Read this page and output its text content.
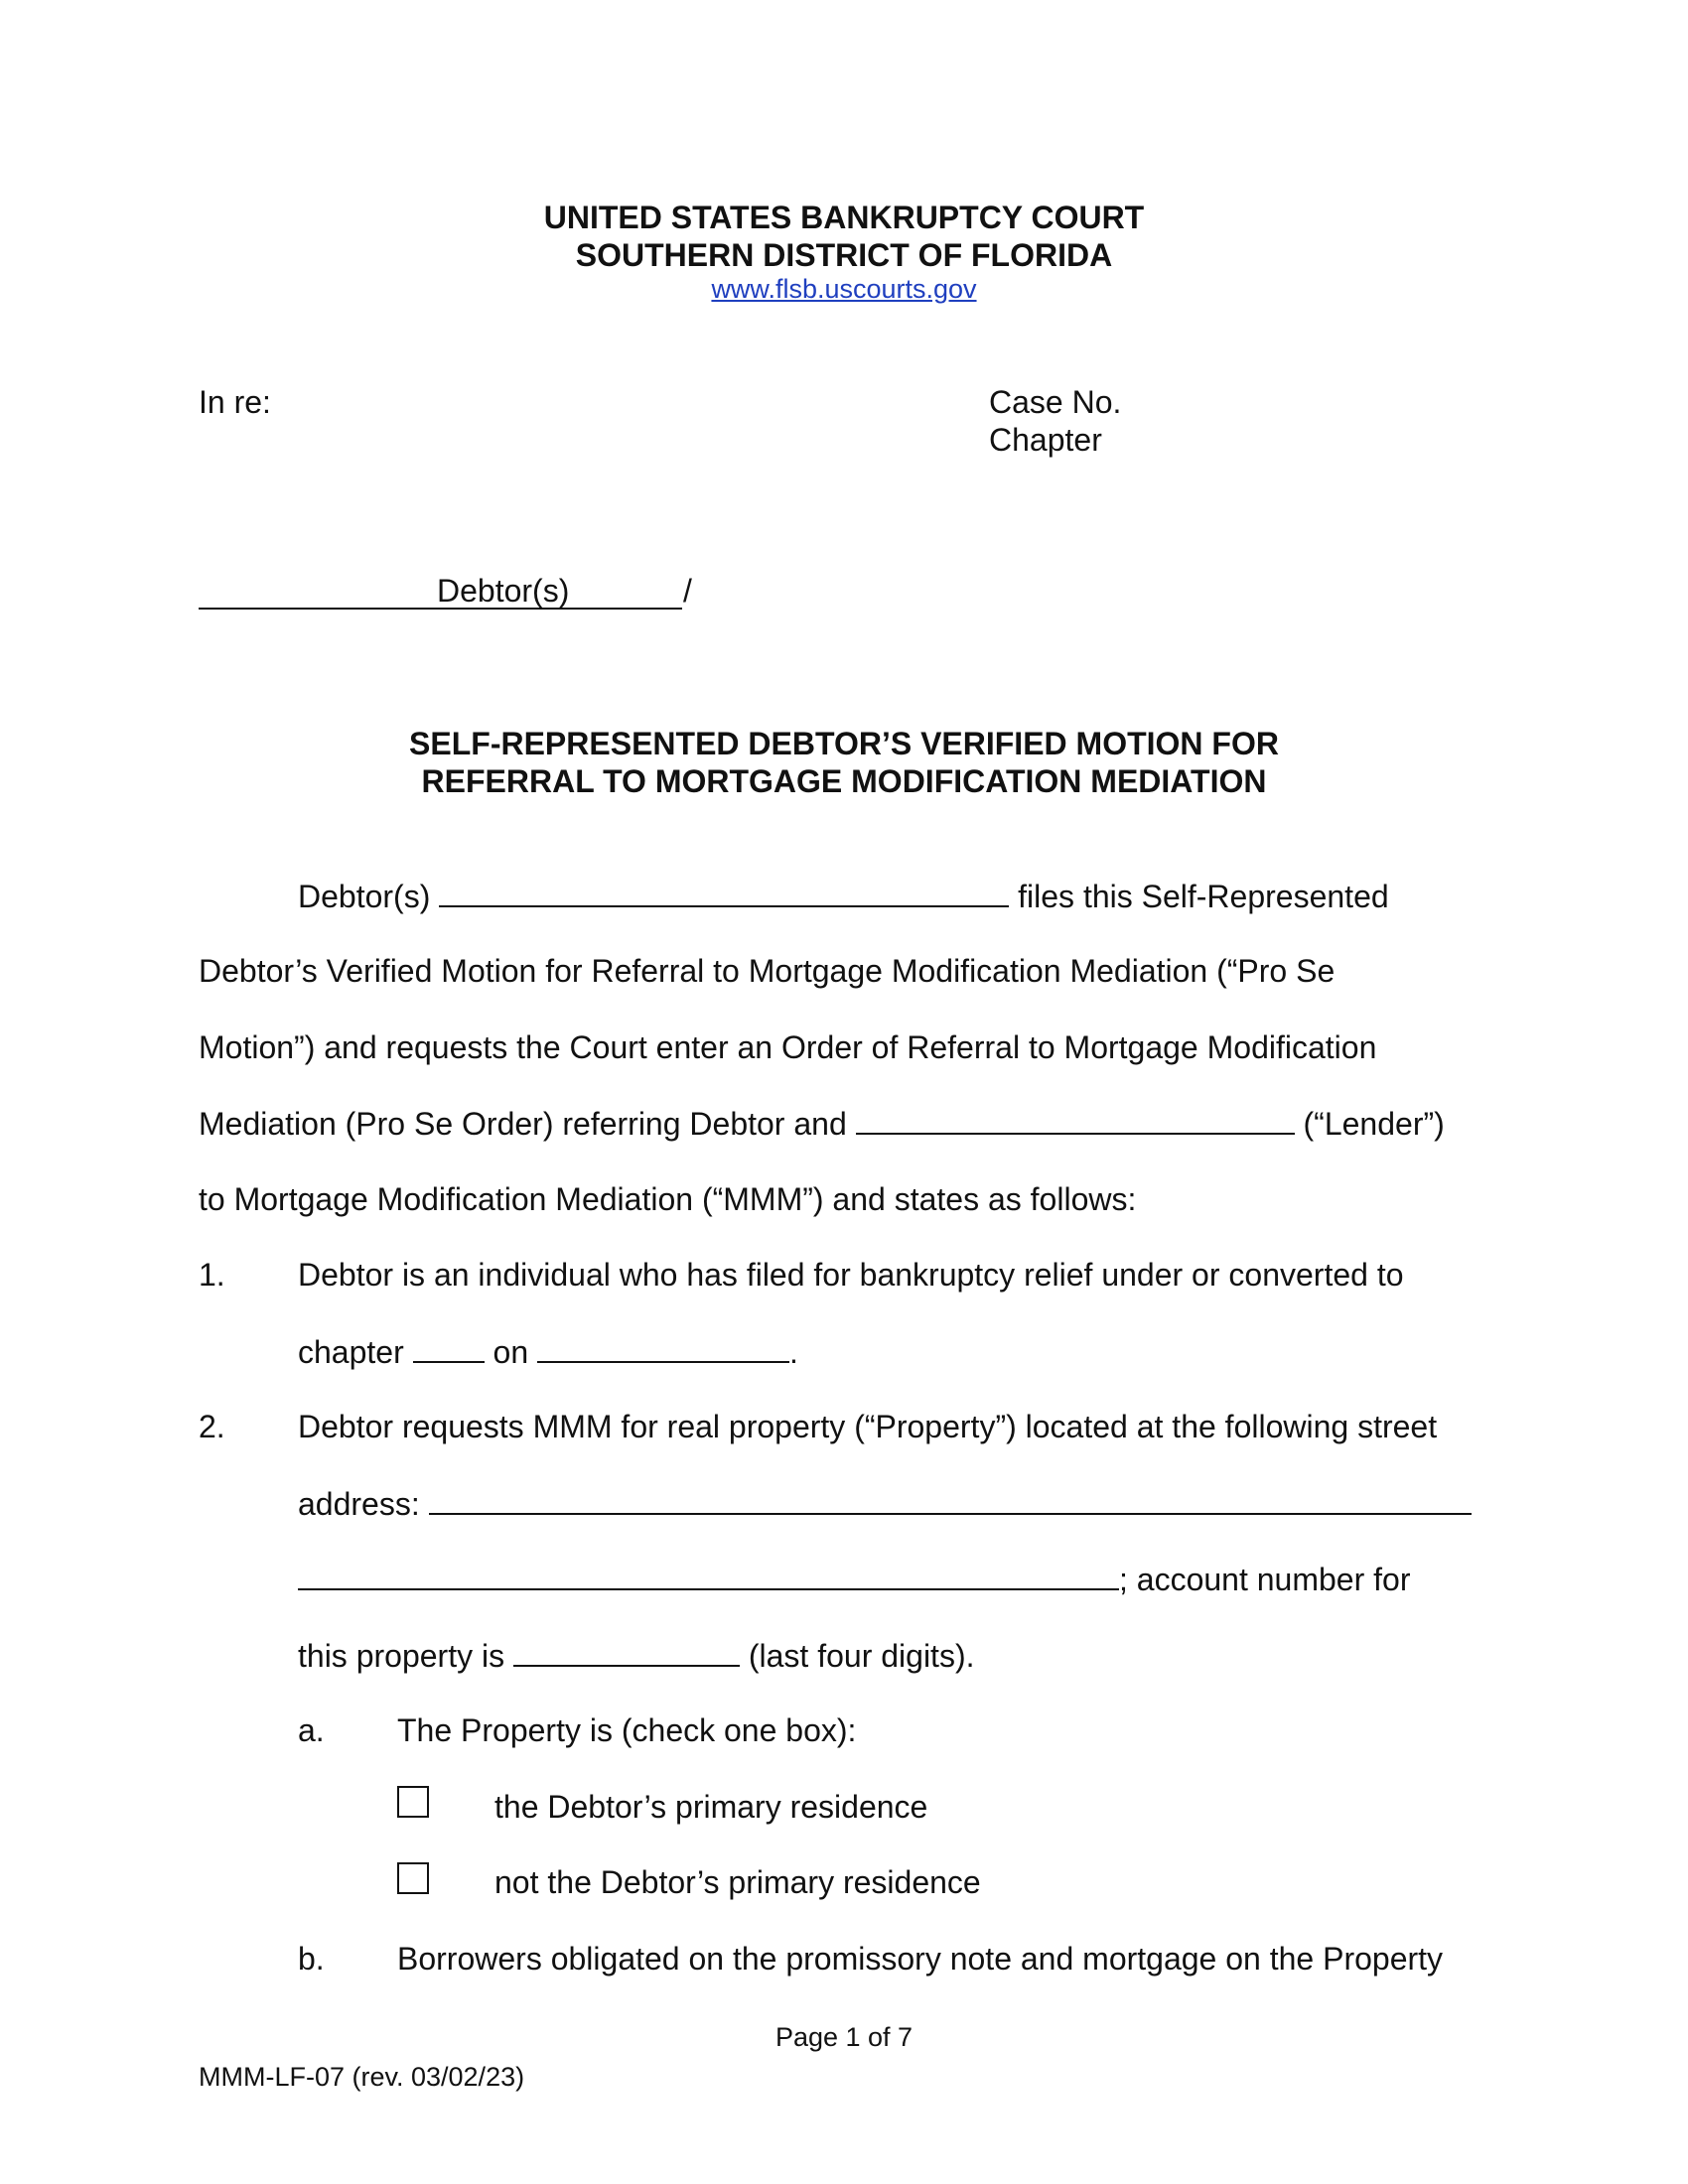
UNITED STATES BANKRUPTCY COURT
SOUTHERN DISTRICT OF FLORIDA
www.flsb.uscourts.gov
In re:	Case No.
Chapter
Debtor(s)	/
SELF-REPRESENTED DEBTOR’S VERIFIED MOTION FOR
REFERRAL TO MORTGAGE MODIFICATION MEDIATION
Debtor(s)	files this Self-Represented
Debtor’s Verified Motion for Referral to Mortgage Modification Mediation (“Pro Se
Motion”) and requests the Court enter an Order of Referral to Mortgage Modification
Mediation (Pro Se Order) referring Debtor and	(“Lender”)
to Mortgage Modification Mediation (“MMM”) and states as follows:
1. Debtor is an individual who has filed for bankruptcy relief under or converted to
chapter	on	.
2. Debtor requests MMM for real property (“Property”) located at the following street
address:
; account number for
this property is	(last four digits).
a. The Property is (check one box):
the Debtor’s primary residence
not the Debtor’s primary residence
b. Borrowers obligated on the promissory note and mortgage on the Property
Page 1 of 7
MMM-LF-07 (rev. 03/02/23)
